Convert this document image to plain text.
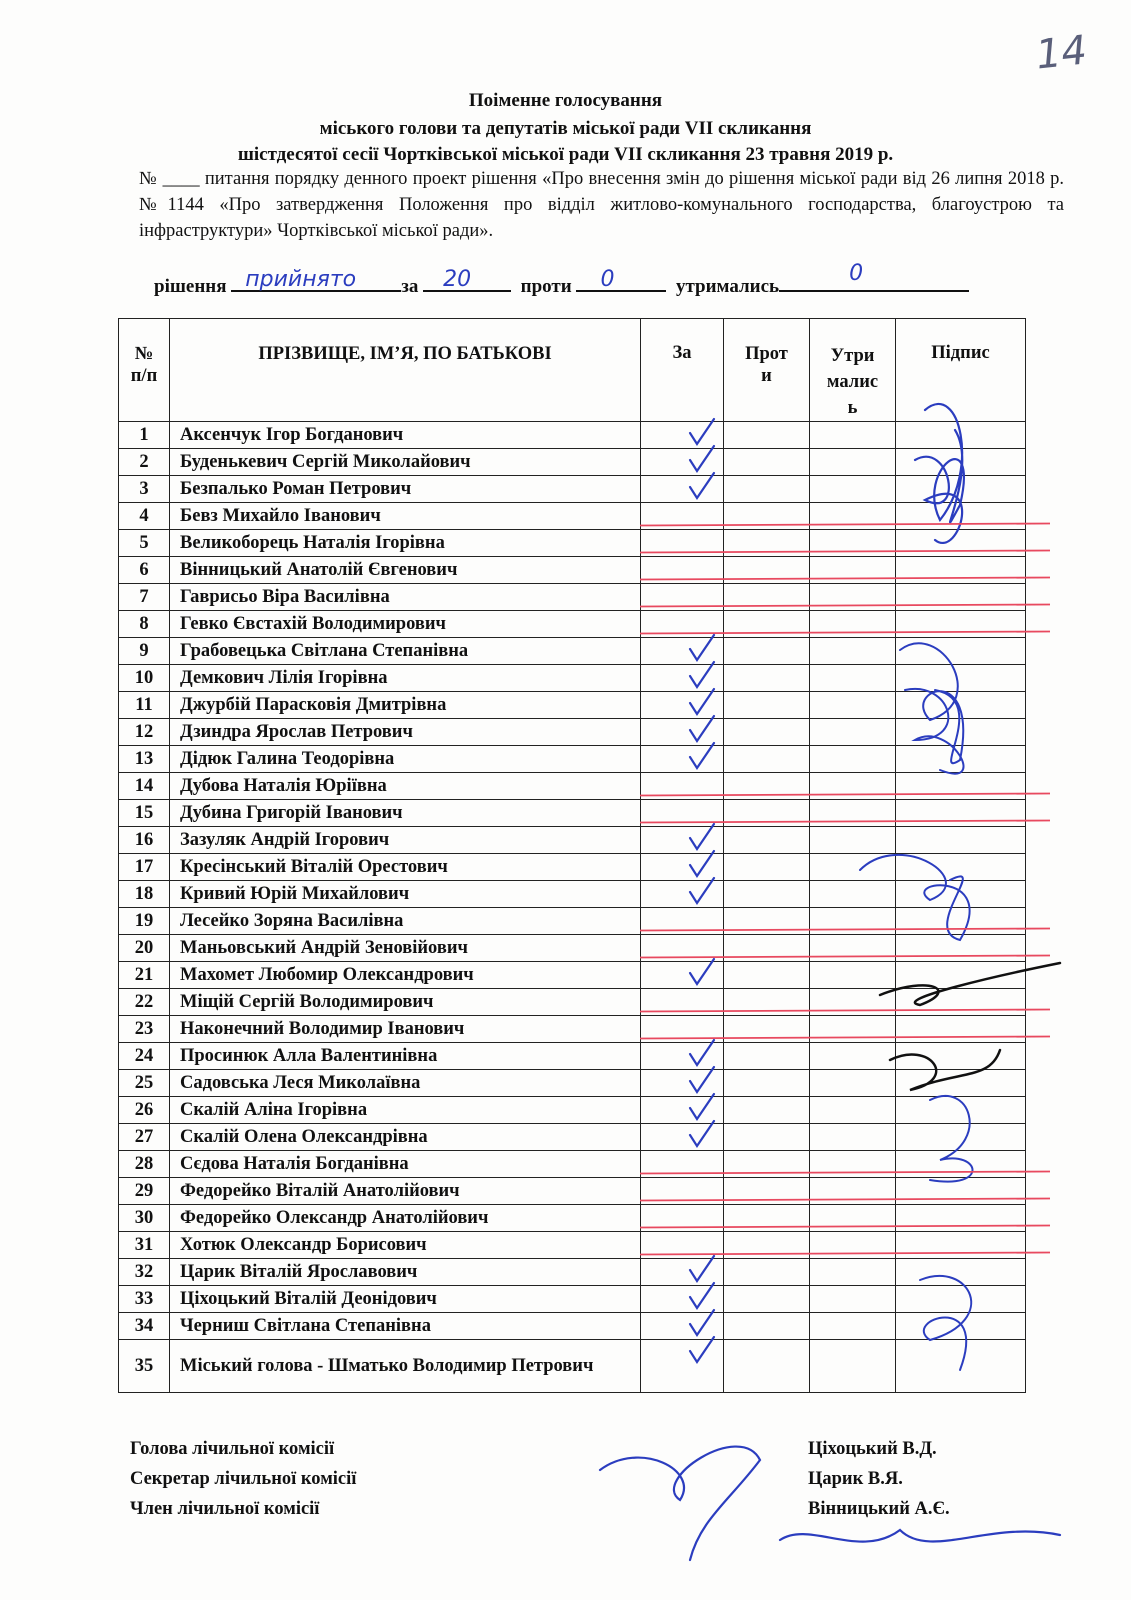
14
Поіменне голосування
міського голови та депутатів міської ради VII скликання
шістдесятої сесії Чортківської міської ради VII скликання 23 травня 2019 р.
№ ____ питання порядку денного проект рішення «Про внесення змін до рішення міської ради від 26 липня 2018 р. №1144 «Про затвердження Положення про відділ житлово-комунального господарства, благоустрою та інфраструктури» Чортківської міської ради».
рішення прийнято за 20	проти 0	утримались
0
№
п/п	ПРІЗВИЩЕ, ІМ’Я, ПО БАТЬКОВІ	За	Прот
и	Утри
малис
ь	Підпис
1	Аксенчук Ігор Богданович				
2	Буденькевич Сергій Миколайович				
3	Безпалько Роман Петрович				
4	Бевз Михайло Іванович				
5	Великоборець Наталія Ігорівна				
6	Вінницький Анатолій Євгенович				
7	Гаврисьо Віра Василівна				
8	Гевко Євстахій Володимирович				
9	Грабовецька Світлана Степанівна				
10	Демкович Лілія Ігорівна				
11	Джурбій Парасковія Дмитрівна				
12	Дзиндра Ярослав Петрович				
13	Дідюк Галина Теодорівна				
14	Дубова Наталія Юріївна				
15	Дубина Григорій Іванович				
16	Зазуляк Андрій Ігорович				
17	Кресінський Віталій Орестович				
18	Кривий Юрій Михайлович				
19	Лесейко Зоряна Василівна				
20	Маньовський Андрій Зеновійович				
21	Махомет Любомир Олександрович				
22	Міщій Сергій Володимирович				
23	Наконечний Володимир Іванович				
24	Просинюк Алла Валентинівна				
25	Садовська Леся Миколаївна				
26	Скалій Аліна Ігорівна				
27	Скалій Олена Олександрівна				
28	Сєдова Наталія Богданівна				
29	Федорейко Віталій Анатолійович				
30	Федорейко Олександр Анатолійович				
31	Хотюк Олександр Борисович				
32	Царик Віталій Ярославович				
33	Ціхоцький Віталій Деонідович				
34	Черниш Світлана Степанівна				
35	Міський голова - Шматько Володимир Петрович				
Голова лічильної комісії
Секретар лічильної комісії
Член лічильної комісії
Ціхоцький В.Д.
Царик В.Я.
Вінницький А.Є.
